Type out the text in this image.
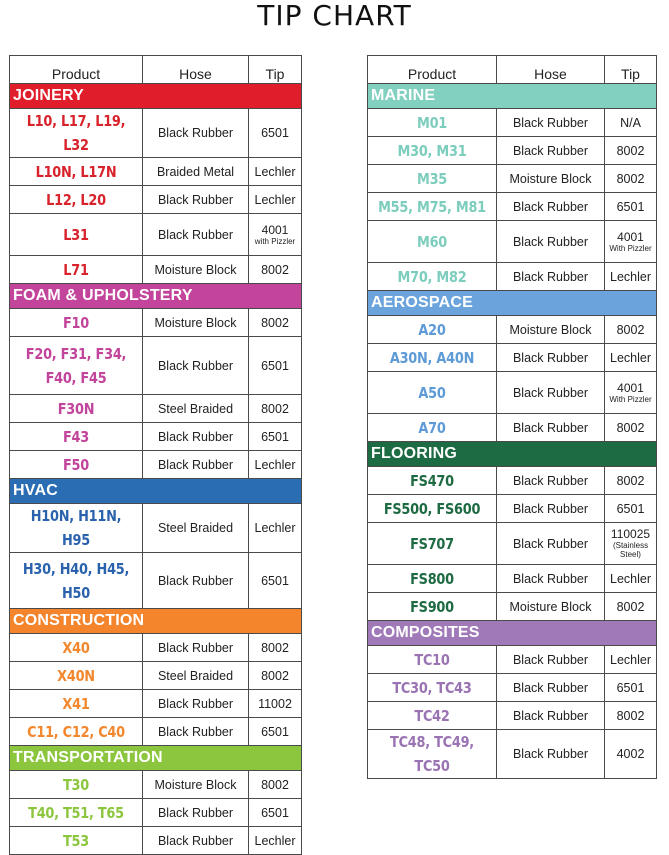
TIP CHART
Product	Hose	Tip
JOINERY		

L10, L17, L19, L32	Black Rubber	6501

L10N, L17N	Braided Metal	Lechler

L12, L20	Black Rubber	Lechler

L31	Black Rubber	4001
with Pizzler

L71	Moisture Block	8002
FOAM & UPHOLSTERY		

F10	Moisture Block	8002

F20, F31, F34, F40, F45	Black Rubber	6501

F30N	Steel Braided	8002

F43	Black Rubber	6501

F50	Black Rubber	Lechler
HVAC		

H10N, H11N, H95	Steel Braided	Lechler

H30, H40, H45, H50	Black Rubber	6501
CONSTRUCTION		

X40	Black Rubber	8002

X40N	Steel Braided	8002

X41	Black Rubber	11002

C11, C12, C40	Black Rubber	6501
TRANSPORTATION		

T30	Moisture Block	8002

T40, T51, T65	Black Rubber	6501

T53	Black Rubber	Lechler
Product	Hose	Tip
MARINE		

M01	Black Rubber	N/A

M30, M31	Black Rubber	8002

M35	Moisture Block	8002

M55, M75, M81	Black Rubber	6501

M60	Black Rubber	4001
With Pizzler

M70, M82	Black Rubber	Lechler
AEROSPACE		

A20	Moisture Block	8002

A30N, A40N	Black Rubber	Lechler

A50	Black Rubber	4001
With Pizzler

A70	Black Rubber	8002
FLOORING		

FS470	Black Rubber	8002

FS500, FS600	Black Rubber	6501

FS707	Black Rubber	110025
(Stainless Steel)

FS800	Black Rubber	Lechler

FS900	Moisture Block	8002
COMPOSITES		

TC10	Black Rubber	Lechler

TC30, TC43	Black Rubber	6501

TC42	Black Rubber	8002

TC48, TC49, TC50	Black Rubber	4002
